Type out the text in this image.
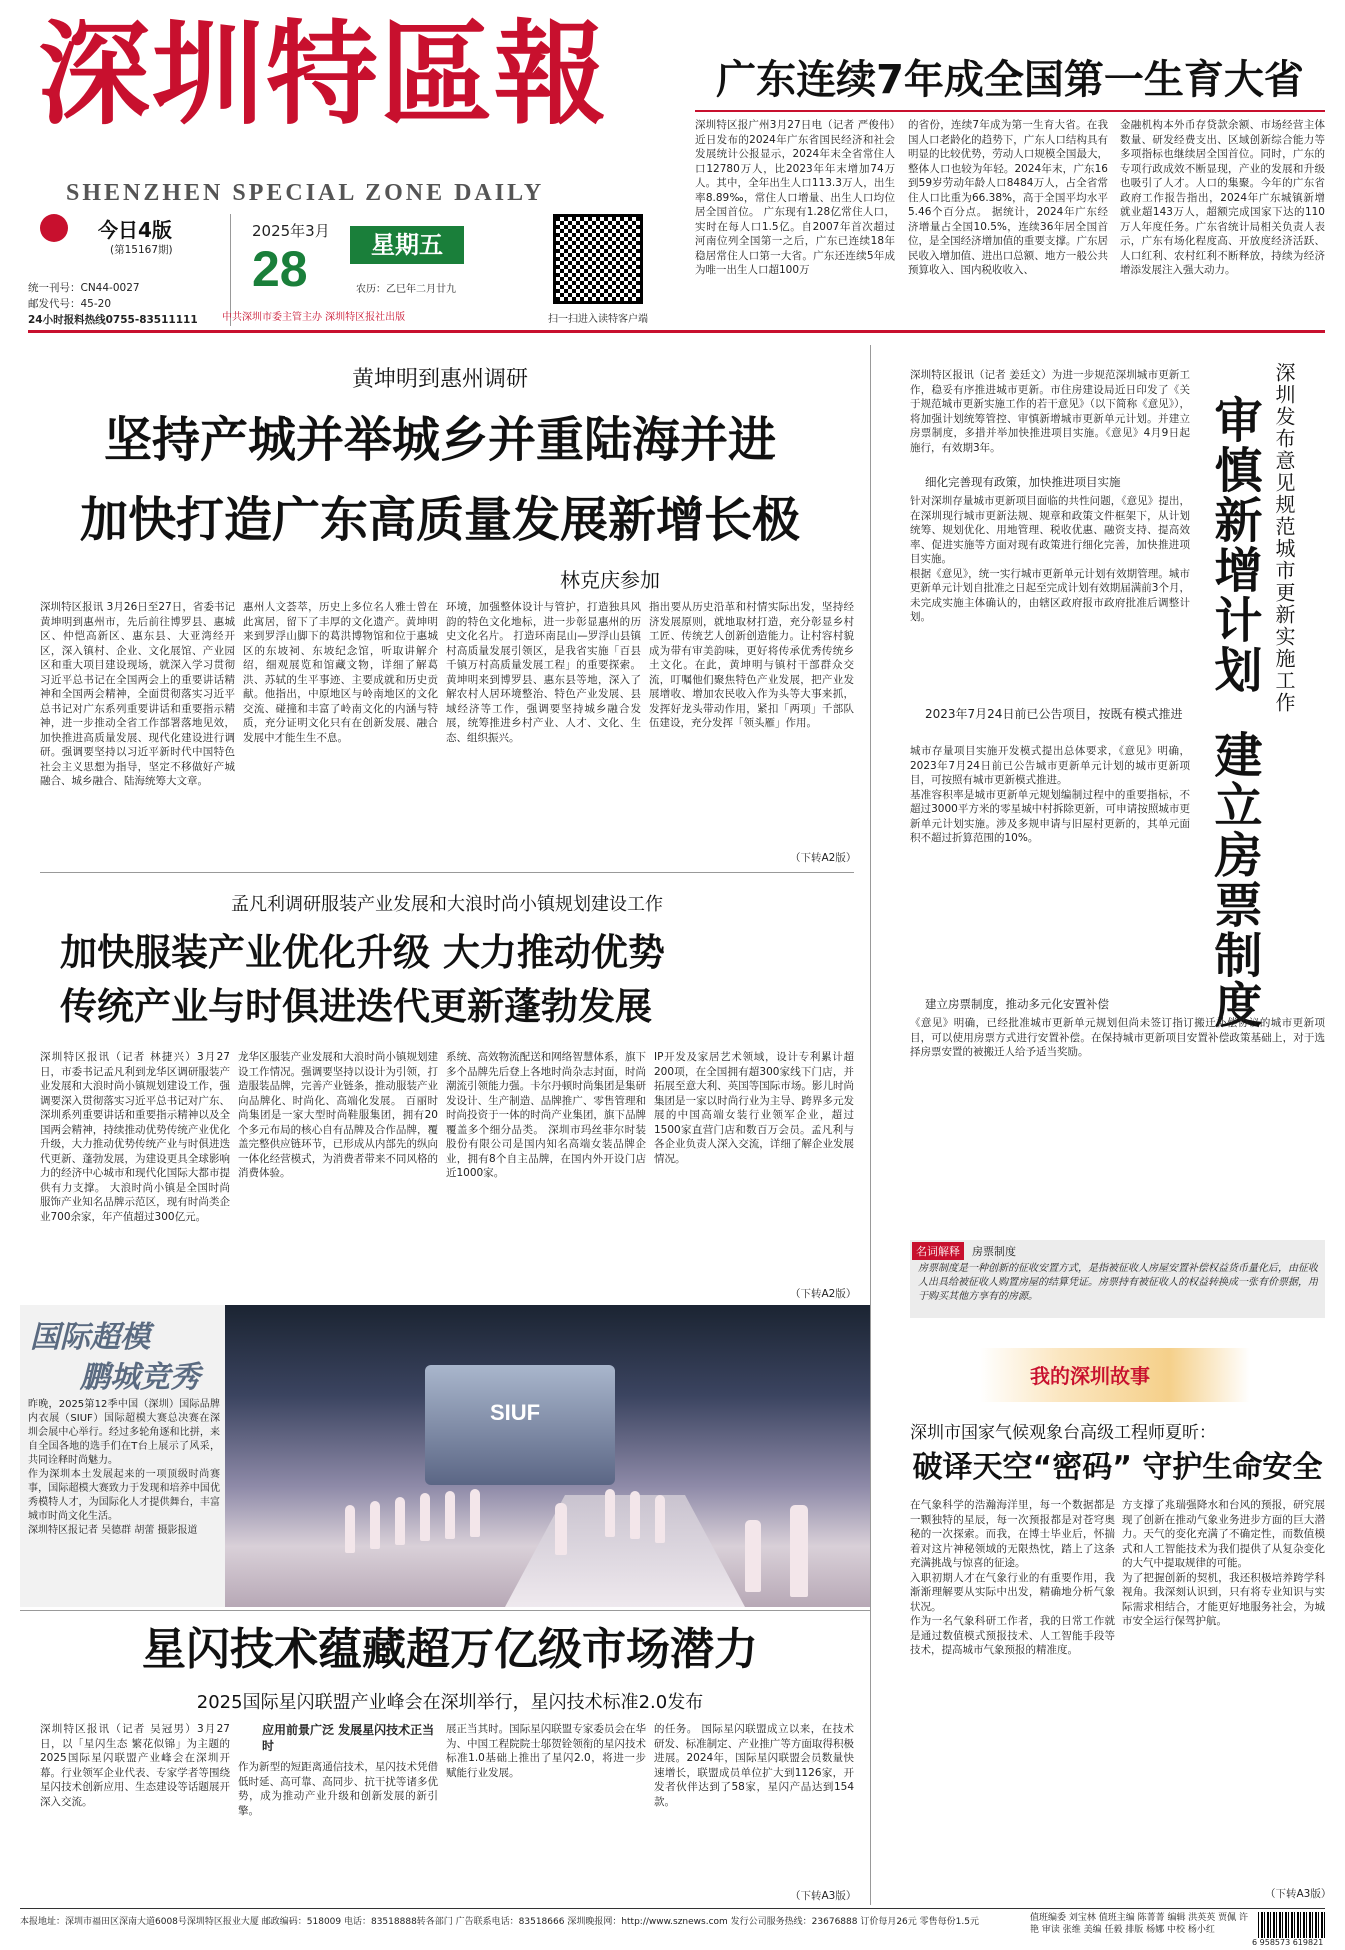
深圳特區報
SHENZHEN SPECIAL ZONE DAILY
广东连续7年成全国第一生育大省
深圳特区报广州3月27日电（记者 严俊伟）近日发布的2024年广东省国民经济和社会发展统计公报显示，2024年末全省常住人口12780万人，比2023年年末增加74万人。其中，全年出生人口113.3万人，出生率8.89‰，常住人口增量、出生人口均位居全国首位。 广东现有1.28亿常住人口，实时在每人口1.5亿。自2007年首次超过河南位列全国第一之后，广东已连续18年稳居常住人口第一大省。广东还连续5年成为唯一出生人口超100万
的省份，连续7年成为第一生育大省。在我国人口老龄化的趋势下，广东人口结构具有明显的比较优势，劳动人口规模全国最大，整体人口也较为年轻。2024年末，广东16到59岁劳动年龄人口8484万人，占全省常住人口比重为66.38%，高于全国平均水平5.46个百分点。 据统计，2024年广东经济增量占全国10.5%，连续36年居全国首位，是全国经济增加值的重要支撑。广东居民收入增加值、进出口总额、地方一般公共预算收入、国内税收收入、
金融机构本外币存贷款余额、市场经营主体数量、研发经费支出、区域创新综合能力等多项指标也继续居全国首位。同时，广东的专项行政成效不断显现，产业的发展和升级也吸引了人才。人口的集聚。今年的广东省政府工作报告指出，2024年广东城镇新增就业超143万人，超额完成国家下达的110万人年度任务。广东省统计局相关负责人表示，广东有场化程度高、开放度经济活跃、人口红利、农村红利不断释放，持续为经济增添发展注入强大动力。
今日4版
(第15167期)
统一刊号：CN44-0027
邮发代号：45-20
24小时报料热线0755-83511111
2025年3月
28	星期五
农历：乙巳年二月廿九
中共深圳市委主管主办 深圳特区报社出版	扫一扫进入读特客户端
黄坤明到惠州调研
坚持产城并举城乡并重陆海并进
加快打造广东高质量发展新增长极
林克庆参加
深圳特区报讯 3月26日至27日，省委书记黄坤明到惠州市，先后前往博罗县、惠城区、仲恺高新区、惠东县、大亚湾经开区，深入镇村、企业、文化展馆、产业园区和重大项目建设现场，就深入学习贯彻习近平总书记在全国两会上的重要讲话精神和全国两会精神，全面贯彻落实习近平总书记对广东系列重要讲话和重要指示精神，进一步推动全省工作部署落地见效，加快推进高质量发展、现代化建设进行调研。强调要坚持以习近平新时代中国特色社会主义思想为指导，坚定不移做好产城融合、城乡融合、陆海统筹大文章。
惠州人文荟萃，历史上多位名人雅士曾在此寓居，留下了丰厚的文化遗产。黄坤明来到罗浮山脚下的葛洪博物馆和位于惠城区的东坡祠、东坡纪念馆，听取讲解介绍，细观展览和馆藏文物，详细了解葛洪、苏轼的生平事迹、主要成就和历史贡献。他指出，中原地区与岭南地区的文化交流、碰撞和丰富了岭南文化的内涵与特质，充分证明文化只有在创新发展、融合发展中才能生生不息。
环境，加强整体设计与管护，打造独具风韵的特色文化地标，进一步彰显惠州的历史文化名片。 打造环南昆山—罗浮山县镇村高质量发展引领区，是我省实施「百县千镇万村高质量发展工程」的重要探索。黄坤明来到博罗县、惠东县等地，深入了解农村人居环境整治、特色产业发展、县域经济等工作，强调要坚持城乡融合发展，统筹推进乡村产业、人才、文化、生态、组织振兴。
指出要从历史沿革和村情实际出发，坚持经济发展原则，就地取材打造，充分彰显乡村工匠、传统艺人创新创造能力。让村容村貌成为带有审美韵味，更好将传承优秀传统乡土文化。在此，黄坤明与镇村干部群众交流，叮嘱他们聚焦特色产业发展，把产业发展增收、增加农民收入作为头等大事来抓，发挥好龙头带动作用，紧扣「两项」千部队伍建设，充分发挥「领头雁」作用。
（下转A2版）
孟凡利调研服装产业发展和大浪时尚小镇规划建设工作
加快服装产业优化升级 大力推动优势
传统产业与时俱进迭代更新蓬勃发展
深圳特区报讯（记者 林捷兴）3月27日，市委书记孟凡利到龙华区调研服装产业发展和大浪时尚小镇规划建设工作，强调要深入贯彻落实习近平总书记对广东、深圳系列重要讲话和重要指示精神以及全国两会精神，持续推动优势传统产业优化升级，大力推动优势传统产业与时俱进迭代更新、蓬勃发展，为建设更具全球影响力的经济中心城市和现代化国际大都市提供有力支撑。 大浪时尚小镇是全国时尚服饰产业知名品牌示范区，现有时尚类企业700余家，年产值超过300亿元。
龙华区服装产业发展和大浪时尚小镇规划建设工作情况。强调要坚持以设计为引领，打造服装品牌，完善产业链条，推动服装产业向品牌化、时尚化、高端化发展。 百丽时尚集团是一家大型时尚鞋服集团，拥有20个多元布局的核心自有品牌及合作品牌，覆盖完整供应链环节，已形成从内部先的纵向一体化经营模式，为消费者带来不同风格的消费体验。
系统、高效物流配送和网络智慧体系，旗下多个品牌先后登上各地时尚杂志封面，时尚潮流引领能力强。卡尔丹顿时尚集团是集研发设计、生产制造、品牌推广、零售管理和时尚投资于一体的时尚产业集团，旗下品牌覆盖多个细分品类。 深圳市玛丝菲尔时装股份有限公司是国内知名高端女装品牌企业，拥有8个自主品牌，在国内外开设门店近1000家。
IP开发及家居艺术领域，设计专利累计超200项，在全国拥有超300家线下门店，并拓展至意大利、英国等国际市场。影儿时尚集团是一家以时尚行业为主导、跨界多元发展的中国高端女装行业领军企业，超过1500家直营门店和数百万会员。孟凡利与各企业负责人深入交流，详细了解企业发展情况。
（下转A2版）
国际超模
鹏城竞秀
昨晚，2025第12季中国（深圳）国际品牌内衣展（SIUF）国际超模大赛总决赛在深圳会展中心举行。经过多轮角逐和比拼，来自全国各地的选手们在T台上展示了风采，共同诠释时尚魅力。
作为深圳本土发展起来的一项顶级时尚赛事，国际超模大赛致力于发现和培养中国优秀模特人才，为国际化人才提供舞台，丰富城市时尚文化生活。
深圳特区报记者 吴德群 胡蕾 摄影报道
SIUF
星闪技术蕴藏超万亿级市场潜力
2025国际星闪联盟产业峰会在深圳举行，星闪技术标准2.0发布
深圳特区报讯（记者 吴冠男）3月27日，以「星闪生态 繁花似锦」为主题的2025国际星闪联盟产业峰会在深圳开幕。行业领军企业代表、专家学者等围绕星闪技术创新应用、生态建设等话题展开深入交流。
应用前景广泛 发展星闪技术正当时
作为新型的短距离通信技术，星闪技术凭借低时延、高可靠、高同步、抗干扰等诸多优势，成为推动产业升级和创新发展的新引擎。
展正当其时。国际星闪联盟专家委员会在华为、中国工程院院士邬贺铨领衔的星闪技术标准1.0基础上推出了星闪2.0，将进一步赋能行业发展。
的任务。 国际星闪联盟成立以来，在技术研发、标准制定、产业推广等方面取得积极进展。2024年，国际星闪联盟会员数量快速增长，联盟成员单位扩大到1126家，开发者伙伴达到了58家，星闪产品达到154款。
（下转A3版）
深圳发布意见规范城市更新实施工作
审慎新增计划
建立房票制度
深圳特区报讯（记者 姜廷文）为进一步规范深圳城市更新工作，稳妥有序推进城市更新。市住房建设局近日印发了《关于规范城市更新实施工作的若干意见》（以下简称《意见》），将加强计划统筹管控、审慎新增城市更新单元计划。并建立房票制度，多措并举加快推进项目实施。《意见》4月9日起施行，有效期3年。
细化完善现有政策，加快推进项目实施
针对深圳存量城市更新项目面临的共性问题，《意见》提出，在深圳现行城市更新法规、规章和政策文件框架下，从计划统筹、规划优化、用地管理、税收优惠、融资支持、提高效率、促进实施等方面对现有政策进行细化完善，加快推进项目实施。
根据《意见》，统一实行城市更新单元计划有效期管理。城市更新单元计划自批准之日起至完成计划有效期届满前3个月，未完成实施主体确认的，由辖区政府报市政府批准后调整计划。
2023年7月24日前已公告项目，按既有模式推进
城市存量项目实施开发模式提出总体要求，《意见》明确，2023年7月24日前已公告城市更新单元计划的城市更新项目，可按照有城市更新模式推进。
基准容积率是城市更新单元规划编制过程中的重要指标，不超过3000平方米的零星城中村拆除更新，可申请按照城市更新单元计划实施。涉及多规申请与旧屋村更新的，其单元面积不超过折算范围的10%。
建立房票制度，推动多元化安置补偿
《意见》明确，已经批准城市更新单元规划但尚未签订指订搬迁补偿协议的城市更新项目，可以使用房票方式进行安置补偿。在保持城市更新项目安置补偿政策基础上，对于选择房票安置的被搬迁人给予适当奖励。
名词解释	房票制度
房票制度是一种创新的征收安置方式，是指被征收人房屋安置补偿权益货币量化后，由征收人出具给被征收人购置房屋的结算凭证。房票持有被征收人的权益转换成一张有价票据，用于购买其他方享有的房源。
我的深圳故事
深圳市国家气候观象台高级工程师夏昕：
破译天空“密码” 守护生命安全
在气象科学的浩瀚海洋里，每一个数据都是一颗独特的星辰，每一次预报都是对苍穹奥秘的一次探索。而我，在博士毕业后，怀揣着对这片神秘领域的无限热忱，踏上了这条充满挑战与惊喜的征途。
入职初期人才在气象行业的有重要作用，我渐渐理解要从实际中出发，精确地分析气象状况。
作为一名气象科研工作者，我的日常工作就是通过数值模式预报技术、人工智能手段等技术，提高城市气象预报的精准度。
方支撑了兆瑞强降水和台风的预报，研究展现了创新在推动气象业务进步方面的巨大潜力。天气的变化充满了不确定性，而数值模式和人工智能技术为我们提供了从复杂变化的大气中提取规律的可能。
为了把握创新的契机，我还积极培养跨学科视角。我深刻认识到，只有将专业知识与实际需求相结合，才能更好地服务社会，为城市安全运行保驾护航。
（下转A3版）
本报地址：深圳市福田区深南大道6008号深圳特区报业大厦 邮政编码：518009 电话：83518888转各部门 广告联系电话：83518666 深圳晚报网：http://www.sznews.com 发行公司服务热线：23676888 订价每月26元 零售每份1.5元	值班编委 刘宝林 值班主编 陈菁菁 编辑 洪英英 贾佩 许艳 审读 张维 美编 任毅 排版 杨娜 中校 杨小红
6 958573 619821
